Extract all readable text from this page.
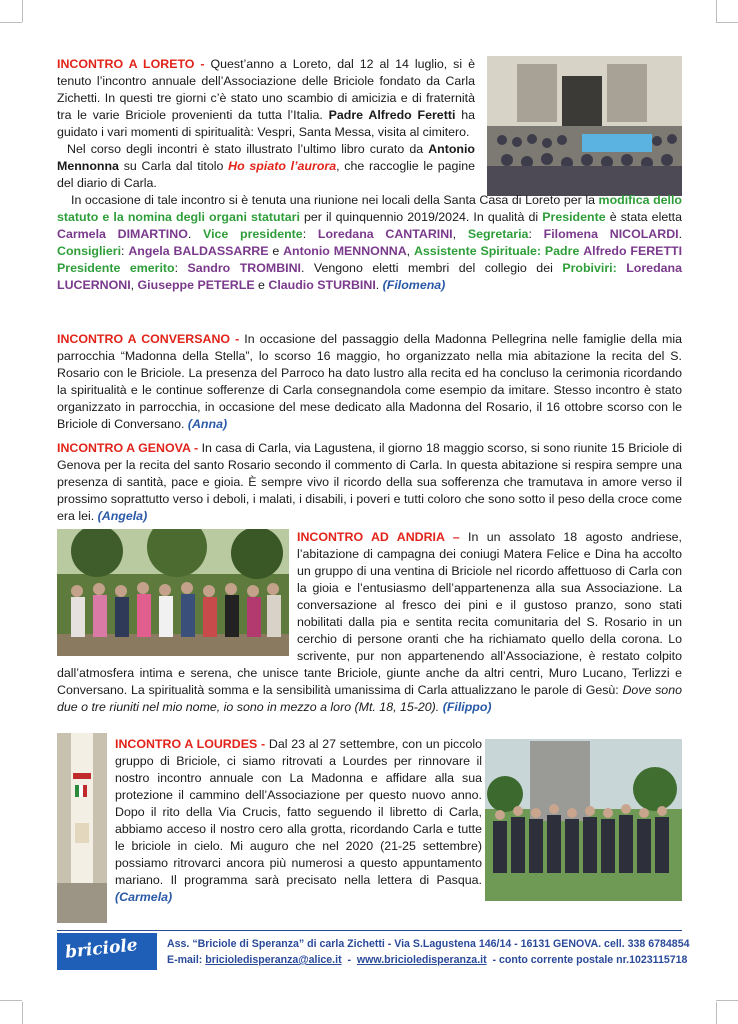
INCONTRO A LORETO - Quest’anno a Loreto, dal 12 al 14 luglio, si è tenuto l’incontro annuale dell’Associazione delle Briciole fondato da Carla Zichetti. In questi tre giorni c’è stato uno scambio di amicizia e di fraternità tra le varie Briciole provenienti da tutta l’Italia. Padre Alfredo Feretti ha guidato i vari momenti di spiritualità: Vespri, Santa Messa, visita al cimitero.

Nel corso degli incontri è stato illustrato l’ultimo libro curato da Antonio Mennonna su Carla dal titolo Ho spiato l’aurora, che raccoglie le pagine del diario di Carla.

In occasione di tale incontro si è tenuta una riunione nei locali della Santa Casa di Loreto per la modifica dello statuto e la nomina degli organi statutari per il quinquennio 2019/2024. In qualità di Presidente è stata eletta Carmela DIMARTINO. Vice presidente: Loredana CANTARINI, Segretaria: Filomena NICOLARDI. Consiglieri: Angela BALDASSARRE e Antonio MENNONNA, Assistente Spirituale: Padre Alfredo FERETTI Presidente emerito: Sandro TROMBINI. Vengono eletti membri del collegio dei Probiviri: Loredana LUCERNONI, Giuseppe PETERLE e Claudio STURBINI. (Filomena)

INCONTRO A CONVERSANO - In occasione del passaggio della Madonna Pellegrina nelle famiglie della mia parrocchia “Madonna della Stella”, lo scorso 16 maggio, ho organizzato nella mia abitazione la recita del S. Rosario con le Briciole. La presenza del Parroco ha dato lustro alla recita ed ha concluso la cerimonia ricordando la spiritualità e le continue sofferenze di Carla consegnandola come esempio da imitare. Stesso incontro è stato organizzato in parrocchia, in occasione del mese dedicato alla Madonna del Rosario, il 16 ottobre scorso con le Briciole di Conversano. (Anna)

INCONTRO A GENOVA - In casa di Carla, via Lagustena, il giorno 18 maggio scorso, si sono riunite 15 Briciole di Genova per la recita del santo Rosario secondo il commento di Carla. In questa abitazione si respira sempre una presenza di santità, pace e gioia. È sempre vivo il ricordo della sua sofferenza che tramutava in amore verso il prossimo soprattutto verso i deboli, i malati, i disabili, i poveri e tutti coloro che sono sotto il peso della croce come era lei. (Angela)

INCONTRO AD ANDRIA – In un assolato 18 agosto andriese, l’abitazione di campagna dei coniugi Matera Felice e Dina ha accolto un gruppo di una ventina di Briciole nel ricordo affettuoso di Carla con la gioia e l’entusiasmo dell’appartenenza alla sua Associazione. La conversazione al fresco dei pini e il gustoso pranzo, sono stati nobilitati dalla pia e sentita recita comunitaria del S. Rosario in un cerchio di persone oranti che ha richiamato quello della corona. Lo scrivente, pur non appartenendo all’Associazione, è restato colpito dall’atmosfera intima e serena, che unisce tante Briciole, giunte anche da altri centri, Muro Lucano, Terlizzi e Conversano. La spiritualità somma e la sensibilità umanissima di Carla attualizzano le parole di Gesù: Dove sono due o tre riuniti nel mio nome, io sono in mezzo a loro (Mt. 18, 15-20). (Filippo)

INCONTRO A LOURDES - Dal 23 al 27 settembre, con un piccolo gruppo di Briciole, ci siamo ritrovati a Lourdes per rinnovare il nostro incontro annuale con La Madonna e affidare alla sua protezione il cammino dell’Associazione per questo nuovo anno. Dopo il rito della Via Crucis, fatto seguendo il libretto di Carla, abbiamo acceso il nostro cero alla grotta, ricordando Carla e tutte le briciole in cielo. Mi auguro che nel 2020 (21-25 settembre) possiamo ritrovarci ancora più numerosi a questo appuntamento mariano. Il programma sarà precisato nella lettera di Pasqua. (Carmela)

briciole	Ass. “Briciole di Speranza” di carla Zichetti - Via S.Lagustena 146/14 - 16131 GENOVA. cell. 338 6784854
E-mail: bricioledisperanza@alice.it  -  www.bricioledisperanza.it  - conto corrente postale nr.1023115718
